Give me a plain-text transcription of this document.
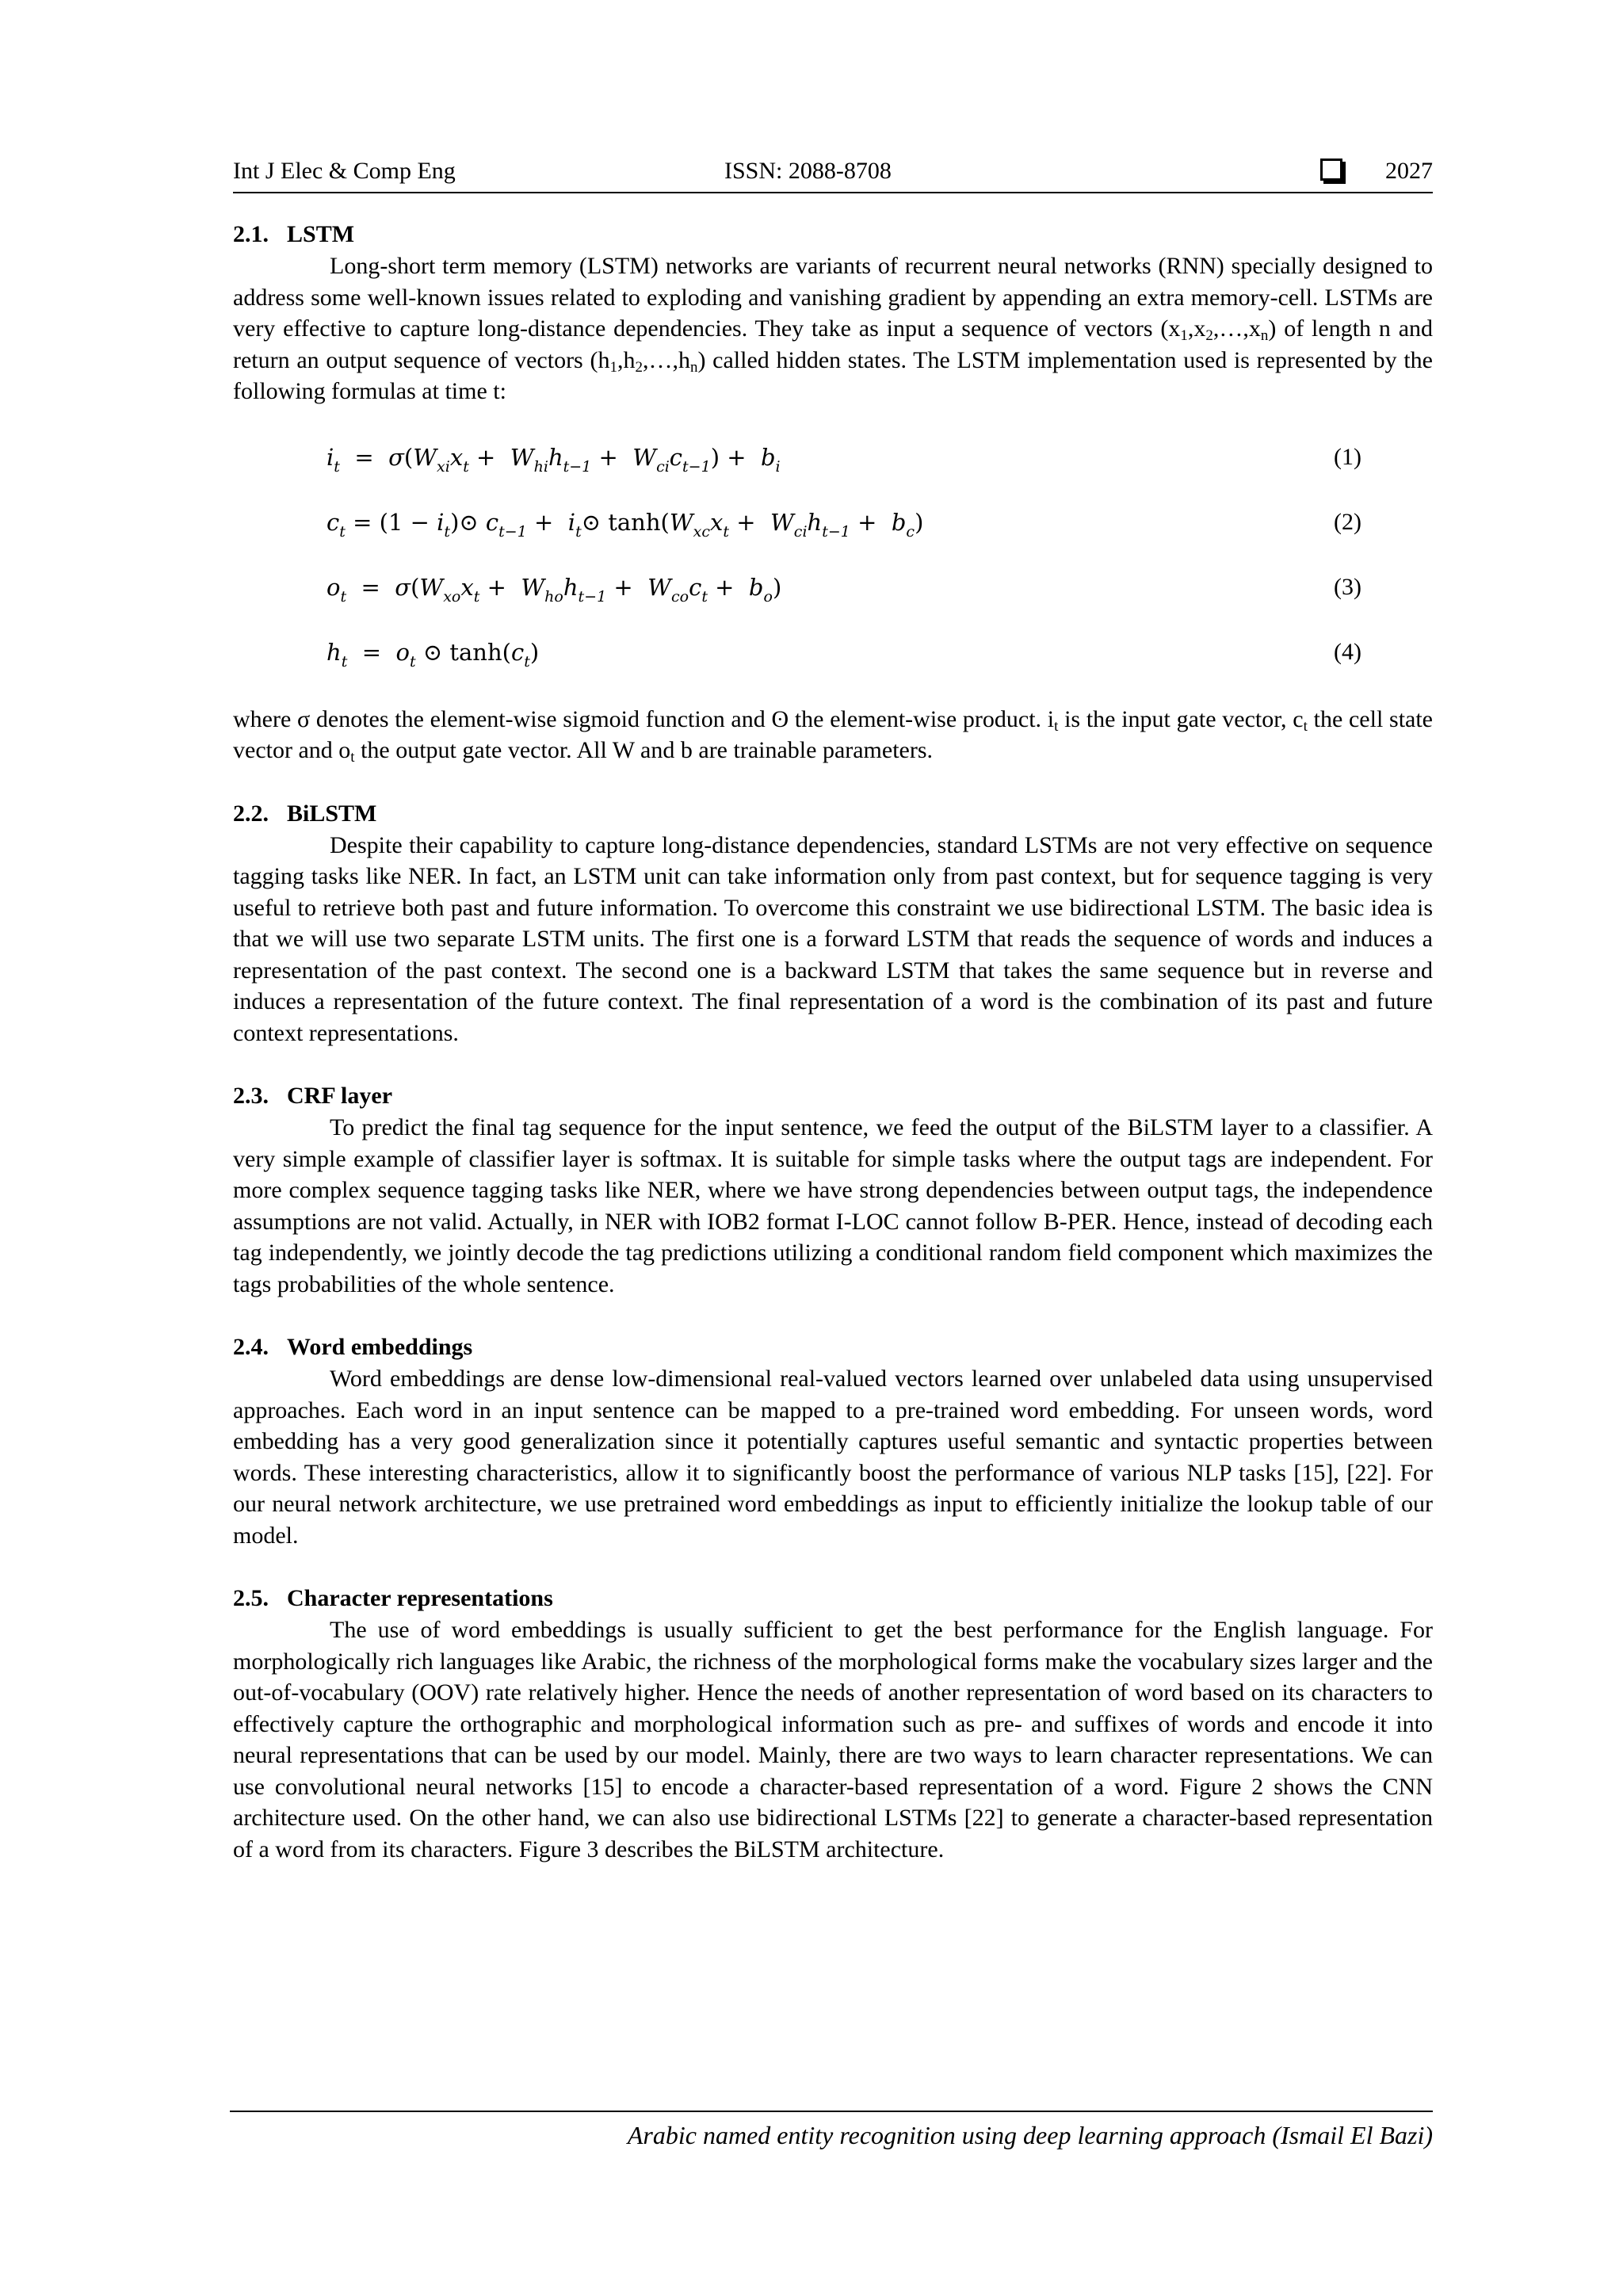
Int J Elec & Comp Eng	ISSN: 2088-8708	2027
2.1. LSTM

Long-short term memory (LSTM) networks are variants of recurrent neural networks (RNN) specially designed to address some well-known issues related to exploding and vanishing gradient by appending an extra memory-cell. LSTMs are very effective to capture long-distance dependencies. They take as input a sequence of vectors $(x_1,x_2,\dots,x_n)$ of length n and return an output sequence of vectors $(h_1,h_2,\dots,h_n)$ called hidden states. The LSTM implementation used is represented by the following formulas at time t:

$i_t = \sigma(W_{xi}x_t + W_{hi}h_{t-1} + W_{ci}c_{t-1}) + b_i$	(1)
$c_t = (1$ − $i_t)⊙$ $c_{t-1}$ +  $i_t⊙$ $\tanh(W_{xc}x_t + W_{ci}h_{t-1} + b_c)$	(2)
$o_t = \sigma(W_{xo}x_t + W_{ho}h_{t-1} + W_{co}c_t + b_o)$	(3)
$h_t = o_t$ ⊙ $\tanh(c_t)$	(4)

where σ denotes the element-wise sigmoid function and ʘ the element-wise product. $i_t$ is the input gate vector, $c_t$ the cell state vector and $o_t$ the output gate vector. All W and b are trainable parameters.

2.2. BiLSTM

Despite their capability to capture long-distance dependencies, standard LSTMs are not very effective on sequence tagging tasks like NER. In fact, an LSTM unit can take information only from past context, but for sequence tagging is very useful to retrieve both past and future information. To overcome this constraint we use bidirectional LSTM. The basic idea is that we will use two separate LSTM units. The first one is a forward LSTM that reads the sequence of words and induces a representation of the past context. The second one is a backward LSTM that takes the same sequence but in reverse and induces a representation of the future context. The final representation of a word is the combination of its past and future context representations.

2.3. CRF layer

To predict the final tag sequence for the input sentence, we feed the output of the BiLSTM layer to a classifier. A very simple example of classifier layer is softmax. It is suitable for simple tasks where the output tags are independent. For more complex sequence tagging tasks like NER, where we have strong dependencies between output tags, the independence assumptions are not valid. Actually, in NER with IOB2 format I-LOC cannot follow B-PER. Hence, instead of decoding each tag independently, we jointly decode the tag predictions utilizing a conditional random field component which maximizes the tags probabilities of the whole sentence.

2.4. Word embeddings

Word embeddings are dense low-dimensional real-valued vectors learned over unlabeled data using unsupervised approaches. Each word in an input sentence can be mapped to a pre-trained word embedding. For unseen words, word embedding has a very good generalization since it potentially captures useful semantic and syntactic properties between words. These interesting characteristics, allow it to significantly boost the performance of various NLP tasks [15], [22]. For our neural network architecture, we use pretrained word embeddings as input to efficiently initialize the lookup table of our model.

2.5. Character representations

The use of word embeddings is usually sufficient to get the best performance for the English language. For morphologically rich languages like Arabic, the richness of the morphological forms make the vocabulary sizes larger and the out-of-vocabulary (OOV) rate relatively higher. Hence the needs of another representation of word based on its characters to effectively capture the orthographic and morphological information such as pre- and suffixes of words and encode it into neural representations that can be used by our model. Mainly, there are two ways to learn character representations. We can use convolutional neural networks [15] to encode a character-based representation of a word. Figure 2 shows the CNN architecture used. On the other hand, we can also use bidirectional LSTMs [22] to generate a character-based representation of a word from its characters. Figure 3 describes the BiLSTM architecture.

Arabic named entity recognition using deep learning approach (Ismail El Bazi)
